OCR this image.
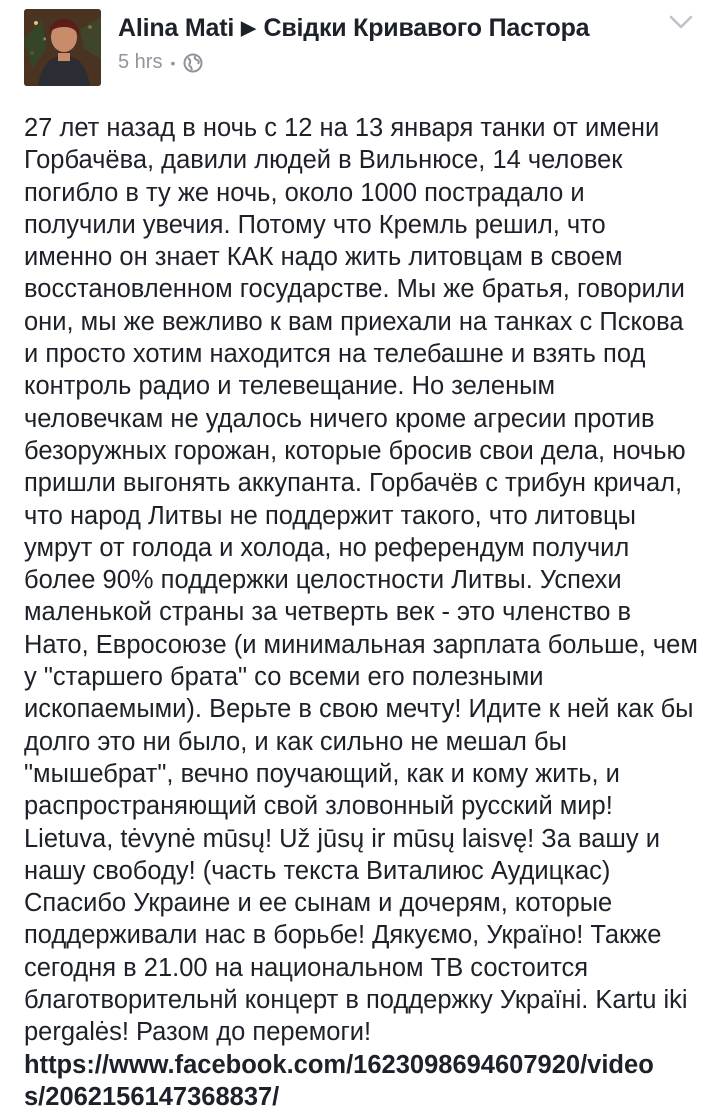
Alina Mati ▶ Свідки Кривавого Пастора
5 hrs •

27 лет назад в ночь с 12 на 13 января танки от имени Горбачёва, давили людей в Вильнюсе, 14 человек погибло в ту же ночь, около 1000 пострадало и получили увечия. Потому что Кремль решил, что именно он знает КАК надо жить литовцам в своем восстановленном государстве. Мы же братья, говорили они, мы же вежливо к вам приехали на танках с Пскова и просто хотим находится на телебашне и взять под контроль радио и телевещание. Но зеленым человечкам не удалось ничего кроме агресии против безоружных горожан, которые бросив свои дела, ночью пришли выгонять аккупанта. Горбачёв с трибун кричал, что народ Литвы не поддержит такого, что литовцы умрут от голода и холода, но референдум получил более 90% поддержки целостности Литвы. Успехи маленькой страны за четверть век - это членство в Нато, Евросоюзе (и минимальная зарплата больше, чем у "старшего брата" со всеми его полезными ископаемыми). Верьте в свою мечту! Идите к ней как бы долго это ни было, и как сильно не мешал бы "мышебрат", вечно поучающий, как и кому жить, и распространяющий свой зловонный русский мир! Lietuva, tėvynė mūsų! Už jūsų ir mūsų laisvę! За вашу и нашу свободу! (часть текста Виталиюс Аудицкас) Спасибо Украине и ее сынам и дочерям, которые поддерживали нас в борьбе! Дякуємо, Україно! Также сегодня в 21.00 на национальном ТВ состоится благотворительнй концерт в поддержку Україні. Kartu iki pergalės! Разом до перемоги!

https://www.facebook.com/1623098694607920/videos/2062156147368837/
